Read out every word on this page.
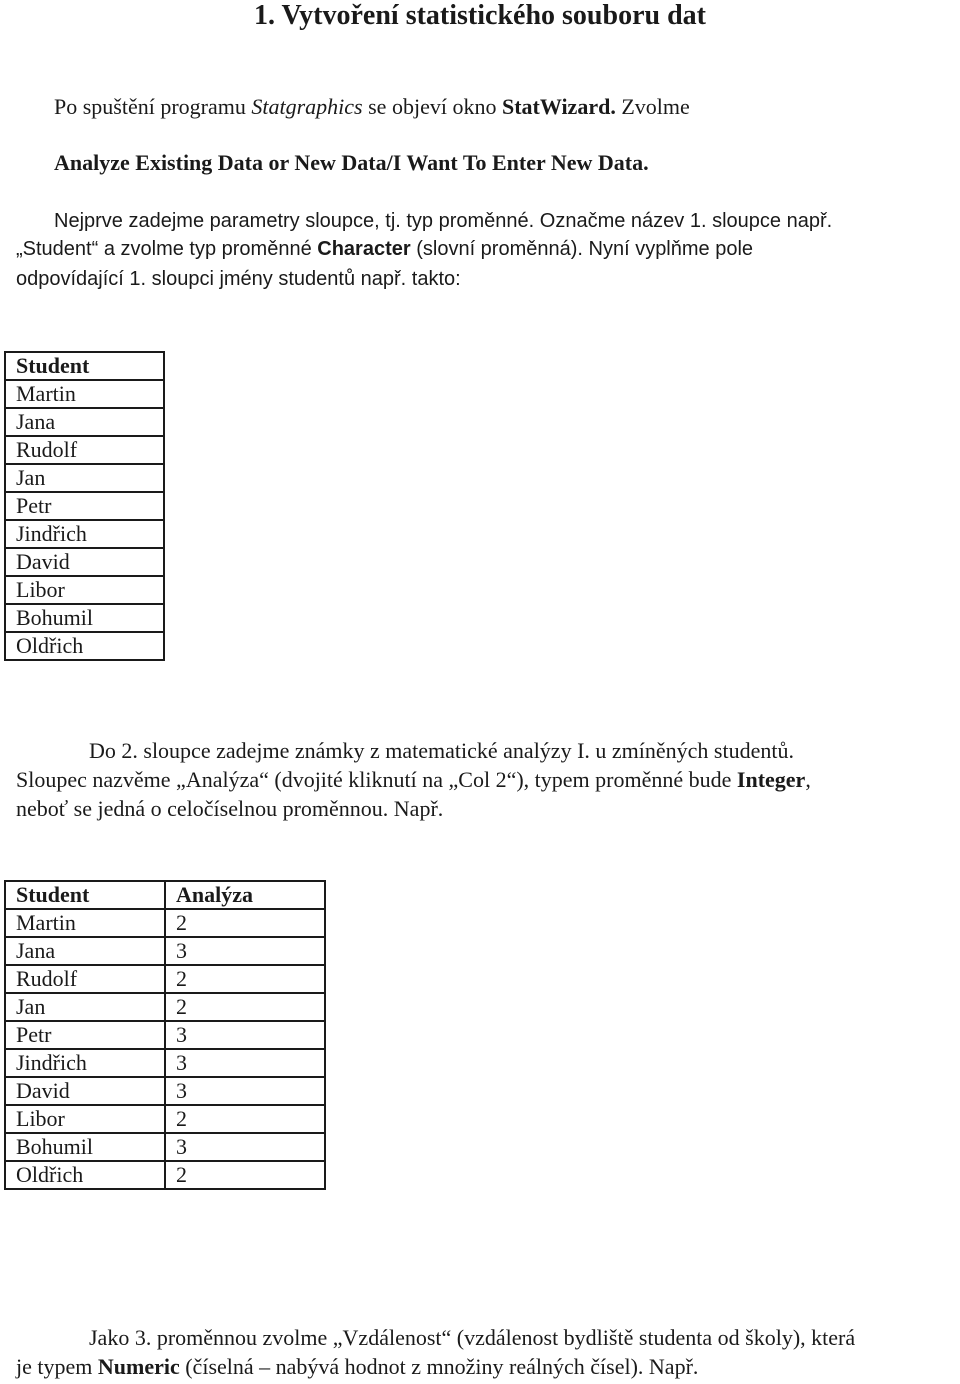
1. Vytvoření statistického souboru dat

Po spuštění programu Statgraphics se objeví okno StatWizard. Zvolme

Analyze Existing Data or New Data/I Want To Enter New Data.

Nejprve zadejme parametry sloupce, tj. typ proměnné. Označme název 1. sloupce např.

„Student“ a zvolme typ proměnné Character (slovní proměnná). Nyní vyplňme pole

odpovídající 1. sloupci jmény studentů např. takto:

Student
Martin
Jana
Rudolf
Jan
Petr
Jindřich
David
Libor
Bohumil
Oldřich

Do 2. sloupce zadejme známky z matematické analýzy I. u zmíněných studentů.

Sloupec nazvěme „Analýza“ (dvojité kliknutí na „Col 2“), typem proměnné bude Integer,

neboť se jedná o celočíselnou proměnnou. Např.

Student	Analýza
Martin	2
Jana	3
Rudolf	2
Jan	2
Petr	3
Jindřich	3
David	3
Libor	2
Bohumil	3
Oldřich	2

Jako 3. proměnnou zvolme „Vzdálenost“ (vzdálenost bydliště studenta od školy), která

je typem Numeric (číselná – nabývá hodnot z množiny reálných čísel). Např.
